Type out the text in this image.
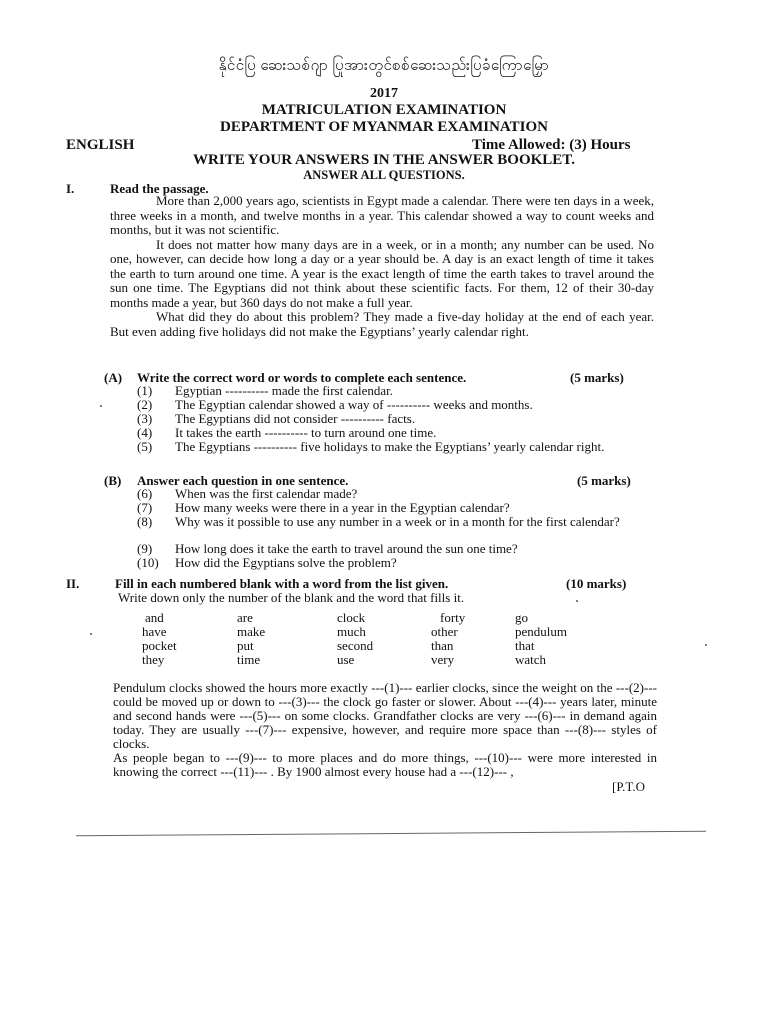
နိုင်ငံပြ ဆေးသစ်ဂျာ ပြုအားတွင်စစ်ဆေးသည်းပြခံကြောမြှော
2017
MATRICULATION EXAMINATION
DEPARTMENT OF MYANMAR EXAMINATION
ENGLISH	Time Allowed: (3) Hours
WRITE YOUR ANSWERS IN THE ANSWER BOOKLET.
ANSWER ALL QUESTIONS.
I.	Read the passage.

More than 2,000 years ago, scientists in Egypt made a calendar. There were ten days in a week, three weeks in a month, and twelve months in a year. This calendar showed a way to count weeks and months, but it was not scientific.

It does not matter how many days are in a week, or in a month; any number can be used. No one, however, can decide how long a day or a year should be. A day is an exact length of time it takes the earth to turn around one time. A year is the exact length of time the earth takes to travel around the sun one time. The Egyptians did not think about these scientific facts. For them, 12 of their 30-day months made a year, but 360 days do not make a full year.

What did they do about this problem? They made a five-day holiday at the end of each year. But even adding five holidays did not make the Egyptians’ yearly calendar right.

(A) Write the correct word or words to complete each sentence.	(5 marks)
(1)	Egyptian ---------- made the first calendar.
(2)	The Egyptian calendar showed a way of ---------- weeks and months.
(3)	The Egyptians did not consider ---------- facts.
(4)	It takes the earth ---------- to turn around one time.
(5)	The Egyptians ---------- five holidays to make the Egyptians’ yearly calendar right.
(B) Answer each question in one sentence.	(5 marks)
(6)	When was the first calendar made?
(7)	How many weeks were there in a year in the Egyptian calendar?
(8)	Why was it possible to use any number in a week or in a month for the first calendar?
(9)	How long does it take the earth to travel around the sun one time?
(10)	How did the Egyptians solve the problem?
II.	Fill in each numbered blank with a word from the list given.	(10 marks)
Write down only the number of the blank and the word that fills it.
and	are	clock	forty	go
have	make	much	other	pendulum
pocket	put	second	than	that
they	time	use	very	watch

Pendulum clocks showed the hours more exactly ---(1)--- earlier clocks, since the weight on the ---(2)--- could be moved up or down to ---(3)--- the clock go faster or slower. About ---(4)--- years later, minute and second hands were ---(5)--- on some clocks. Grandfather clocks are very ---(6)--- in demand again today. They are usually ---(7)--- expensive, however, and require more space than ---(8)--- styles of clocks.

As people began to ---(9)--- to more places and do more things, ---(10)--- were more interested in knowing the correct ---(11)--- . By 1900 almost every house had a ---(12)--- ,

[P.T.O
